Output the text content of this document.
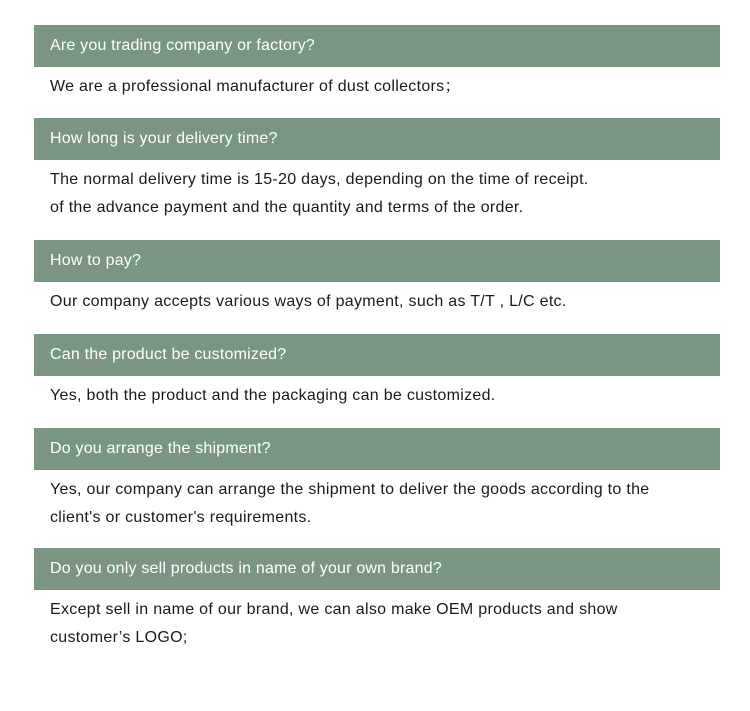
Are you trading company or factory?
We are a professional manufacturer of dust collectors；
How long is your delivery time?
The normal delivery time is 15-20 days, depending on the time of receipt.
of the advance payment and the quantity and terms of the order.
How to pay?
Our company accepts various ways of payment, such as T/T , L/C etc.
Can the product be customized?
Yes, both the product and the packaging can be customized.
Do you arrange the shipment?
Yes, our company can arrange the shipment to deliver the goods according to the
client's or customer's requirements.
Do you only sell products in name of your own brand?
Except sell in name of our brand, we can also make OEM products and show
customer’s LOGO;
